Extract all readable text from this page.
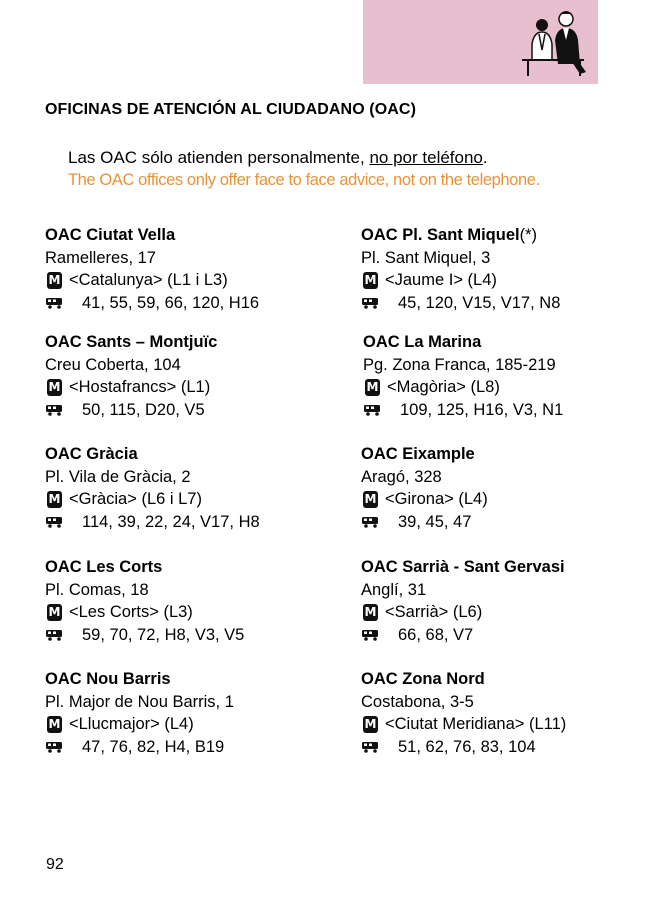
OFICINAS DE ATENCIÓN AL CIUDADANO (OAC)
Las OAC sólo atienden personalmente, no por teléfono.
The OAC offices only offer face to face advice, not on the telephone.
OAC Ciutat Vella
Ramelleres, 17
M <Catalunya> (L1 i L3)
41, 55, 59, 66, 120, H16
OAC Pl. Sant Miquel (*)
Pl. Sant Miquel, 3
M <Jaume I> (L4)
45, 120, V15, V17, N8
OAC Sants – Montjuïc
Creu Coberta, 104
M <Hostafrancs> (L1)
50, 115, D20, V5
OAC La Marina
Pg. Zona Franca, 185-219
M <Magòria> (L8)
109, 125, H16, V3, N1
OAC Gràcia
Pl. Vila de Gràcia, 2
M <Gràcia> (L6 i L7)
114, 39, 22, 24, V17, H8
OAC Eixample
Aragó, 328
M <Girona> (L4)
39, 45, 47
OAC Les Corts
Pl. Comas, 18
M <Les Corts> (L3)
59, 70, 72, H8, V3, V5
OAC Sarrià - Sant Gervasi
Anglí, 31
M <Sarrià> (L6)
66, 68, V7
OAC Nou Barris
Pl. Major de Nou Barris, 1
M <Llucmajor> (L4)
47, 76, 82, H4, B19
OAC Zona Nord
Costabona, 3-5
M <Ciutat Meridiana> (L11)
51, 62, 76, 83, 104
92
